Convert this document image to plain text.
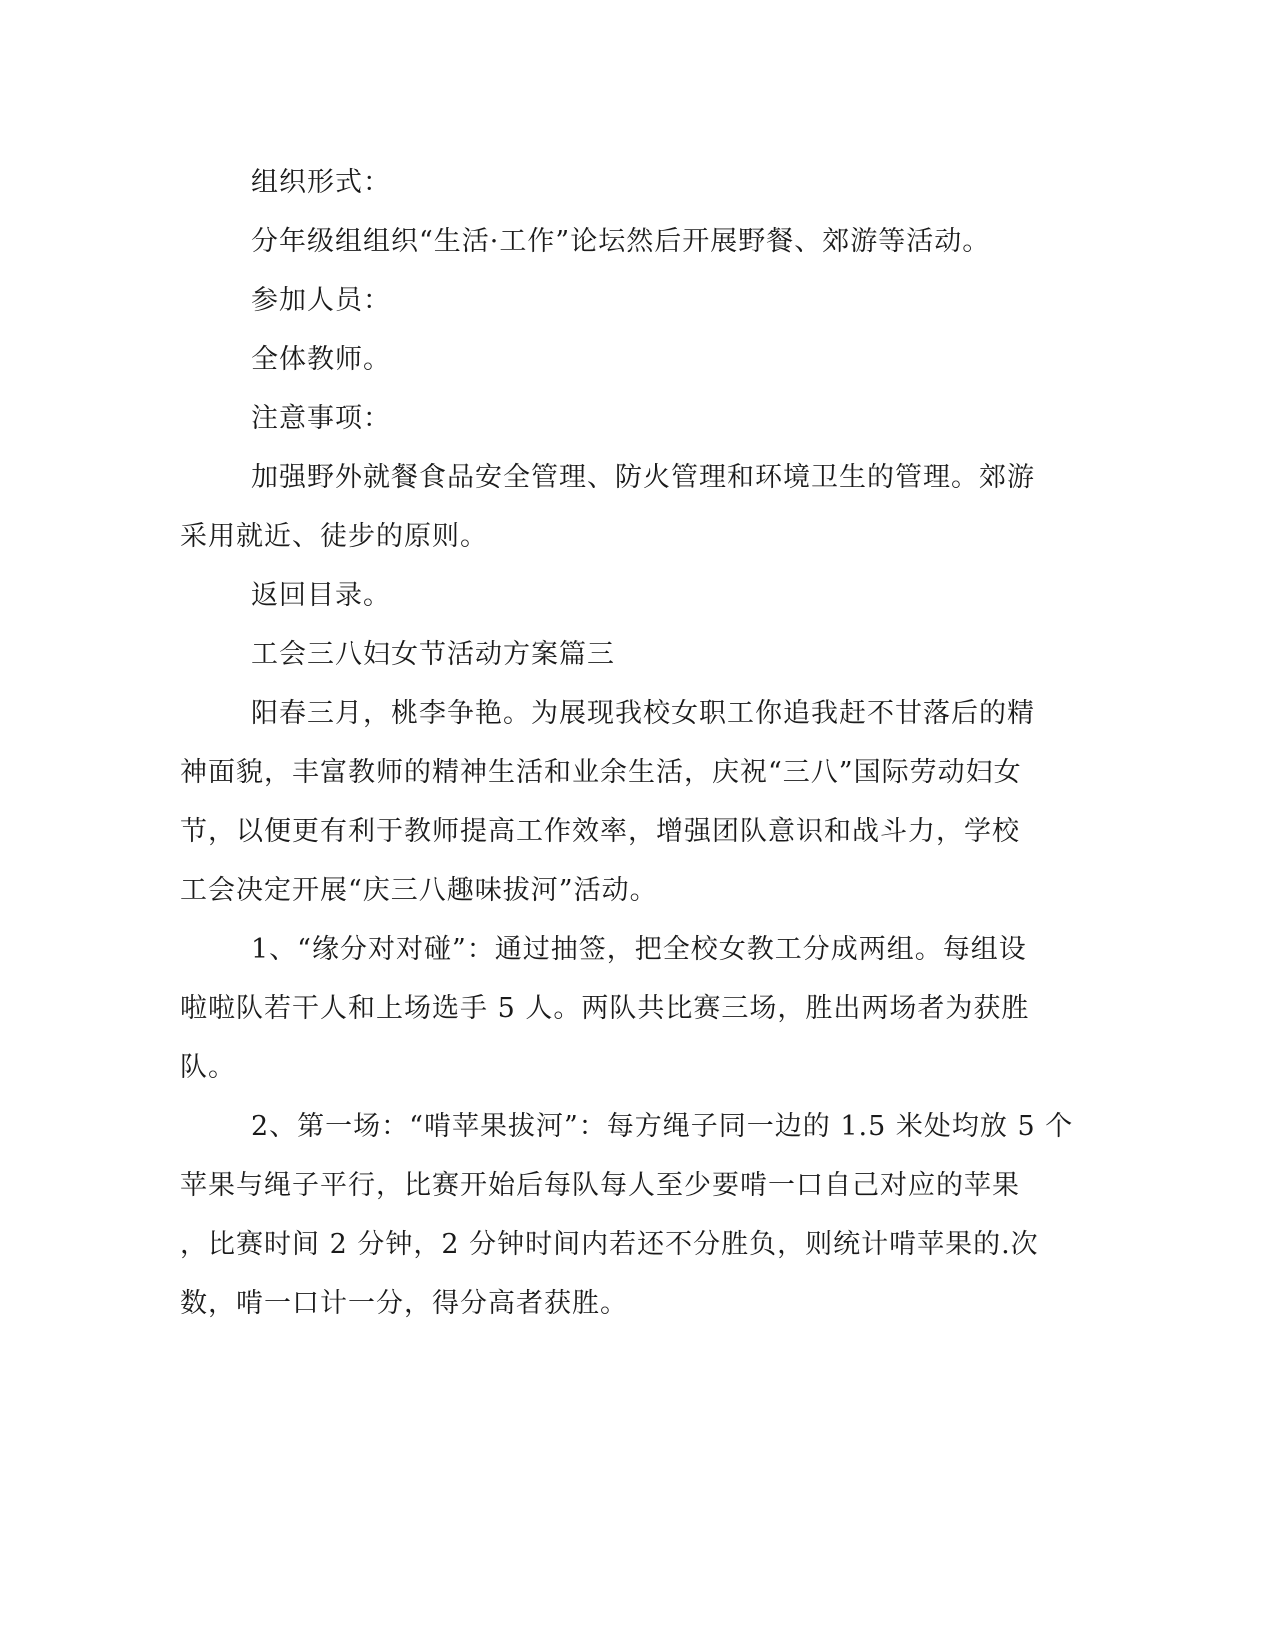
组织形式：
分年级组组织“生活·工作”论坛然后开展野餐、郊游等活动。
参加人员：
全体教师。
注意事项：
加强野外就餐食品安全管理、防火管理和环境卫生的管理。郊游
采用就近、徒步的原则。
返回目录。
工会三八妇女节活动方案篇三
阳春三月，桃李争艳。为展现我校女职工你追我赶不甘落后的精
神面貌，丰富教师的精神生活和业余生活，庆祝“三八”国际劳动妇女
节，以便更有利于教师提高工作效率，增强团队意识和战斗力，学校
工会决定开展“庆三八趣味拔河”活动。
1、“缘分对对碰”：通过抽签，把全校女教工分成两组。每组设
啦啦队若干人和上场选手 5 人。两队共比赛三场，胜出两场者为获胜
队。
2、第一场：“啃苹果拔河”：每方绳子同一边的 1.5 米处均放 5 个
苹果与绳子平行，比赛开始后每队每人至少要啃一口自己对应的苹果
，比赛时间 2 分钟，2 分钟时间内若还不分胜负，则统计啃苹果的.次
数，啃一口计一分，得分高者获胜。
